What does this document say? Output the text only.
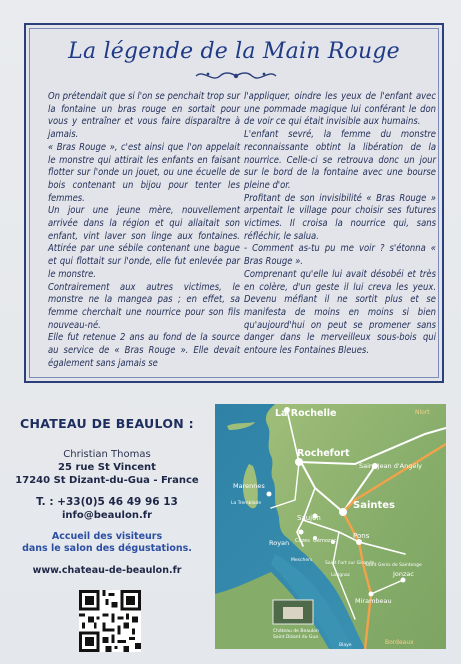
La légende de la Main Rouge

On prétendait que si l'on se penchait trop sur la fontaine un bras rouge en sortait pour vous y entraîner et vous faire disparaître à jamais.

« Bras Rouge », c'est ainsi que l'on appelait le monstre qui attirait les enfants en faisant flotter sur l'onde un jouet, ou une écuelle de bois contenant un bijou pour tenter les femmes.

Un jour une jeune mère, nouvellement arrivée dans la région et qui allaitait son enfant, vint laver son linge aux fontaines. Attirée par une sébile contenant une bague et qui flottait sur l'onde, elle fut enlevée par le monstre.

Contrairement aux autres victimes, le monstre ne la mangea pas ; en effet, sa femme cherchait une nourrice pour son fils nouveau-né.

Elle fut retenue 2 ans au fond de la source au service de « Bras Rouge ». Elle devait également sans jamais se

l'appliquer, oindre les yeux de l'enfant avec une pommade magique lui conférant le don de voir ce qui était invisible aux humains.

L'enfant sevré, la femme du monstre reconnaissante obtint la libération de la nourrice. Celle-ci se retrouva donc un jour sur le bord de la fontaine avec une bourse pleine d'or.

Profitant de son invisibilité « Bras Rouge » arpentait le village pour choisir ses futures victimes. Il croisa la nourrice qui, sans réfléchir, le salua.

- Comment as-tu pu me voir ? s'étonna « Bras Rouge ».

Comprenant qu'elle lui avait désobéi et très en colère, d'un geste il lui creva les yeux. Devenu méfiant il ne sortit plus et se manifesta de moins en moins si bien qu'aujourd'hui on peut se promener sans danger dans le merveilleux sous-bois qui entoure les Fontaines Bleues.

CHATEAU DE BEAULON :
Christian Thomas
25 rue St Vincent
17240 St Dizant-du-Gua - France
T. : +33(0)5 46 49 96 13
info@beaulon.fr
Accueil des visiteurs
dans le salon des dégustations.
www.chateau-de-beaulon.fr
La Rochelle	Niort
Rochefort
Saint Jean d'Angély
Marennes
La Tremblade	Saintes
Saujon
Royan Cozes Gémozac
Pons
Meschers
Saint Fort sur Gironde
Saint Genis de Saintonge
Lorignac	Jonzac
Mirambeau
Château de Beaulon
Saint Dizant du Gua
Blaye	Bordeaux
